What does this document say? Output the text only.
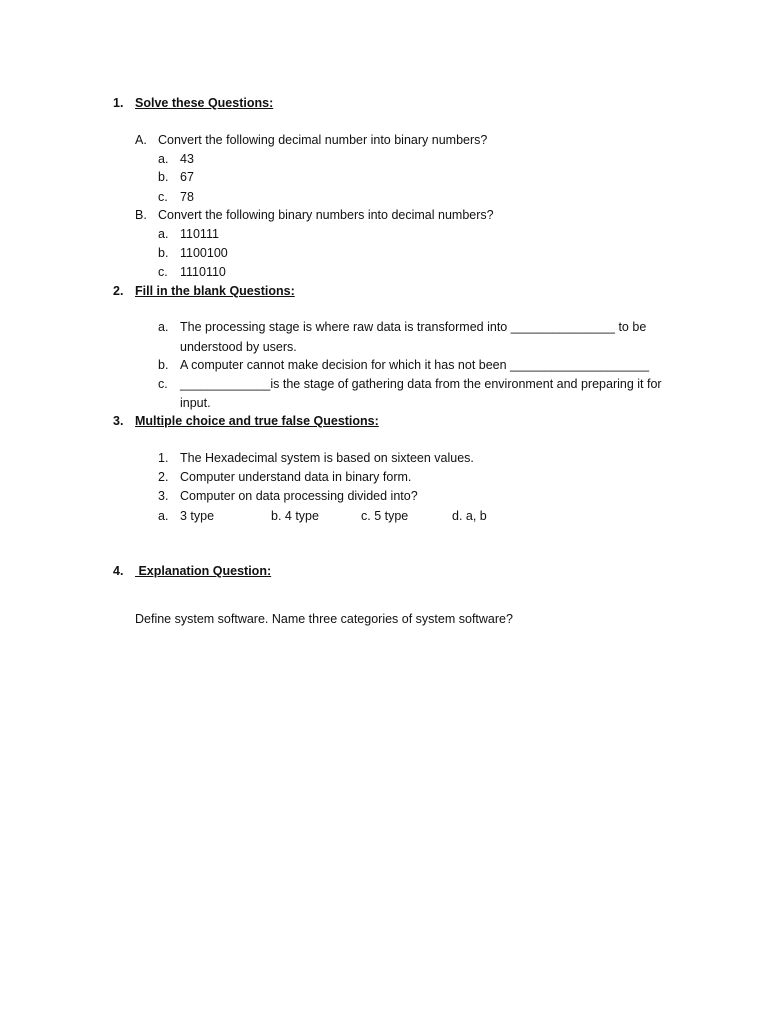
1. Solve these Questions:
A. Convert the following decimal number into binary numbers?
a. 43
b. 67
c. 78
B. Convert the following binary numbers into decimal numbers?
a. 110111
b. 1100100
c. 1110110
2. Fill in the blank Questions:
a. The processing stage is where raw data is transformed into _______________ to be
understood by users.
b. A computer cannot make decision for which it has not been ____________________
c. _____________is the stage of gathering data from the environment and preparing it for
input.
3. Multiple choice and true false Questions:
1. The Hexadecimal system is based on sixteen values.
2. Computer understand data in binary form.
3. Computer on data processing divided into?
a. 3 type	b. 4 type	c. 5 type	d. a, b
4. Explanation Question:
Define system software. Name three categories of system software?
